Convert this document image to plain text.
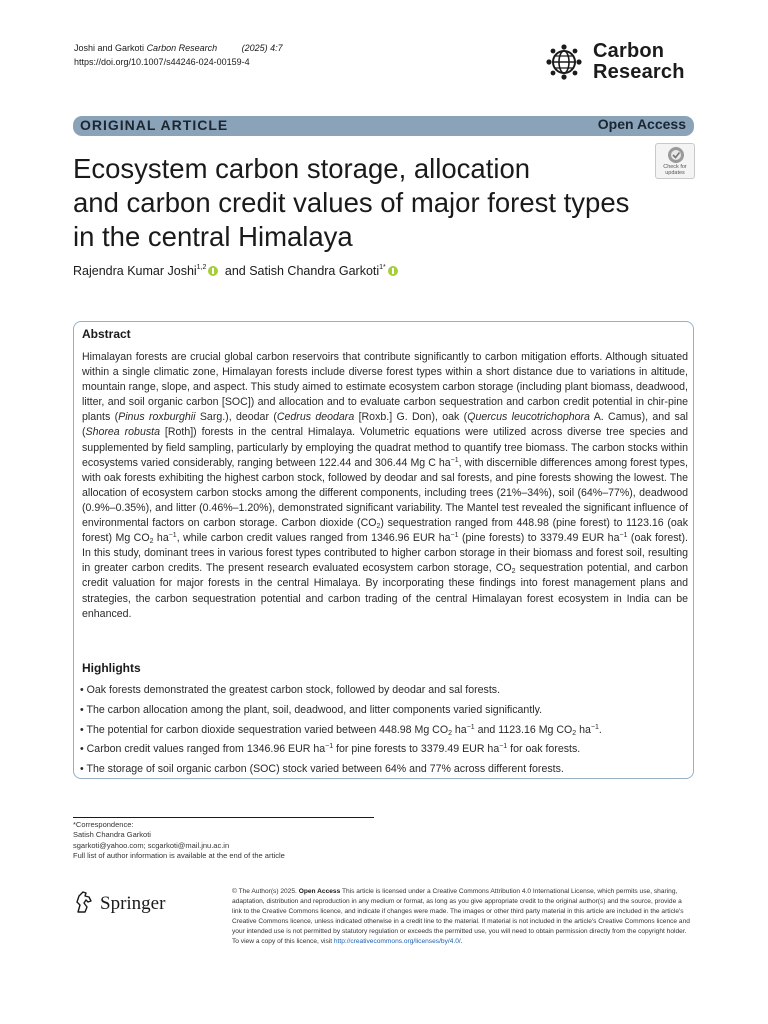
Joshi and Garkoti Carbon Research	(2025) 4:7
https://doi.org/10.1007/s44246-024-00159-4	Carbon
Research
ORIGINAL ARTICLE	Open Access
Ecosystem carbon storage, allocation
and carbon credit values of major forest types
in the central Himalaya
Check for
updates
Rajendra Kumar Joshi$^{1,2}$ and Satish Chandra Garkoti$^{1*}$
Abstract

Himalayan forests are crucial global carbon reservoirs that contribute significantly to carbon mitigation efforts. Although situated within a single climatic zone, Himalayan forests include diverse forest types within a short distance due to variations in altitude, mountain range, slope, and aspect. This study aimed to estimate ecosystem carbon storage (including plant biomass, deadwood, litter, and soil organic carbon [SOC]) and allocation and to evaluate carbon sequestration and carbon credit potential in chir-pine plants (Pinus roxburghii Sarg.), deodar (Cedrus deodara [Roxb.] G. Don), oak (Quercus leucotrichophora A. Camus), and sal (Shorea robusta [Roth]) forests in the central Himalaya. Volumetric equations were utilized across diverse tree species and supplemented by field sampling, particularly by employing the quadrat method to quantify tree biomass. The carbon stocks within ecosystems varied considerably, ranging between 122.44 and 306.44 Mg C $ha^{-1}$, with discernible differences among forest types, with oak forests exhibiting the highest carbon stock, followed by deodar and sal forests, and pine forests showing the lowest. The allocation of ecosystem carbon stocks among the different components, including trees (21%–34%), soil (64%–77%), deadwood (0.9%–0.35%), and litter (0.46%–1.20%), demonstrated significant variability. The Mantel test revealed the significant influence of environmental factors on carbon storage. Carbon dioxide $(CO_2)$ sequestration ranged from 448.98 (pine forest) to 1123.16 (oak forest) Mg $CO_2$ $ha^{-1}$, while carbon credit values ranged from 1346.96 EUR $ha^{-1}$ (pine forests) to 3379.49 EUR $ha^{-1}$ (oak forest). In this study, dominant trees in various forest types contributed to higher carbon storage in their biomass and forest soil, resulting in greater carbon credits. The present research evaluated ecosystem carbon storage, $CO_2$ sequestration potential, and carbon credit valuation for major forests in the central Himalaya. By incorporating these findings into forest management plans and strategies, the carbon sequestration potential and carbon trading of the central Himalayan forest ecosystem in India can be enhanced.

Highlights
• Oak forests demonstrated the greatest carbon stock, followed by deodar and sal forests.
• The carbon allocation among the plant, soil, deadwood, and litter components varied significantly.
• The potential for carbon dioxide sequestration varied between 448.98 Mg $CO_2$ $ha^{-1}$ and 1123.16 Mg $CO_2$ $ha^{-1}$.
• Carbon credit values ranged from 1346.96 EUR $ha^{-1}$ for pine forests to 3379.49 EUR $ha^{-1}$ for oak forests.
• The storage of soil organic carbon (SOC) stock varied between 64% and 77% across different forests.
*Correspondence:
Satish Chandra Garkoti
sgarkoti@yahoo.com; scgarkoti@mail.jnu.ac.in
Full list of author information is available at the end of the article
Springer
© The Author(s) 2025. Open Access This article is licensed under a Creative Commons Attribution 4.0 International License, which permits use, sharing, adaptation, distribution and reproduction in any medium or format, as long as you give appropriate credit to the original author(s) and the source, provide a link to the Creative Commons licence, and indicate if changes were made. The images or other third party material in this article are included in the article's Creative Commons licence, unless indicated otherwise in a credit line to the material. If material is not included in the article's Creative Commons licence and your intended use is not permitted by statutory regulation or exceeds the permitted use, you will need to obtain permission directly from the copyright holder. To view a copy of this licence, visit http://creativecommons.org/licenses/by/4.0/.
